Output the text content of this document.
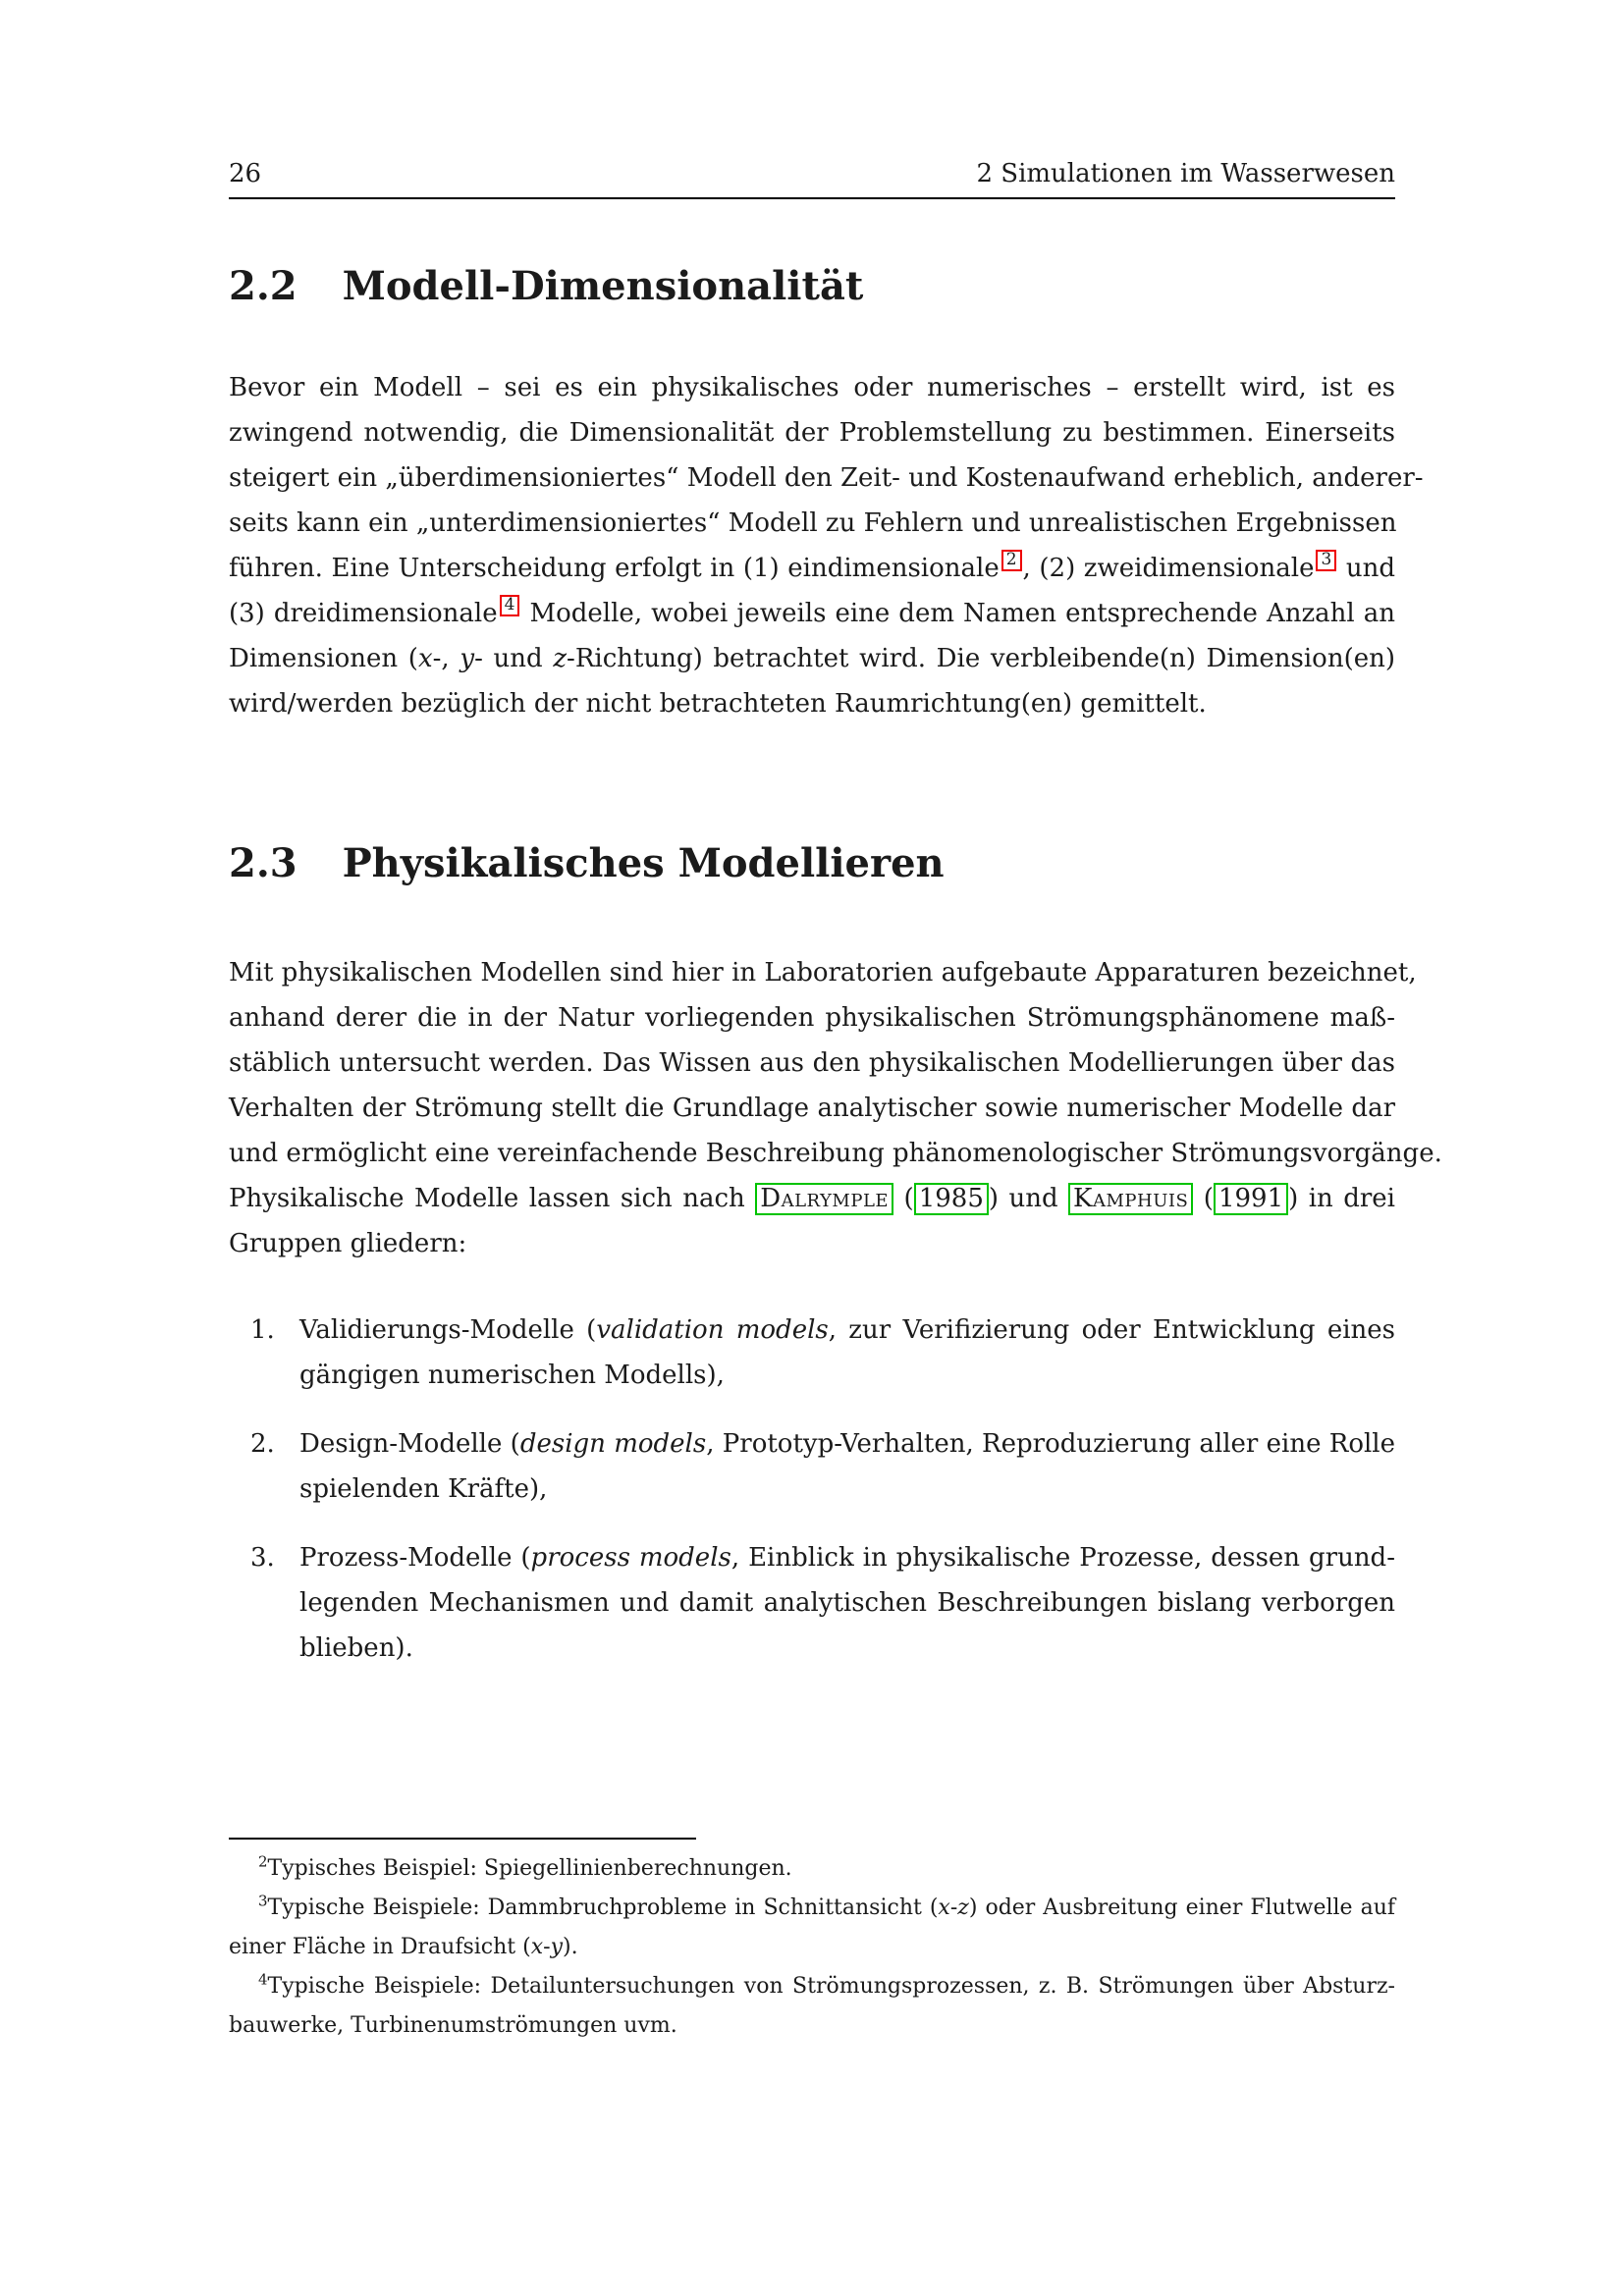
26	2 Simulationen im Wasserwesen
2.2 Modell-Dimensionalität
Bevor ein Modell – sei es ein physikalisches oder numerisches – erstellt wird, ist es
zwingend notwendig, die Dimensionalität der Problemstellung zu bestimmen. Einerseits
steigert ein „überdimensioniertes“ Modell den Zeit- und Kostenaufwand erheblich, anderer-
seits kann ein „unterdimensioniertes“ Modell zu Fehlern und unrealistischen Ergebnissen
führen. Eine Unterscheidung erfolgt in (1) eindimensionale 2 , (2) zweidimensionale 3 und
(3) dreidimensionale 4 Modelle, wobei jeweils eine dem Namen entsprechende Anzahl an
Dimensionen (x-, y- und z-Richtung) betrachtet wird. Die verbleibende(n) Dimension(en)
wird/werden bezüglich der nicht betrachteten Raumrichtung(en) gemittelt.
2.3 Physikalisches Modellieren
Mit physikalischen Modellen sind hier in Laboratorien aufgebaute Apparaturen bezeichnet,
anhand derer die in der Natur vorliegenden physikalischen Strömungsphänomene maß-
stäblich untersucht werden. Das Wissen aus den physikalischen Modellierungen über das
Verhalten der Strömung stellt die Grundlage analytischer sowie numerischer Modelle dar
und ermöglicht eine vereinfachende Beschreibung phänomenologischer Strömungsvorgänge.
Physikalische Modelle lassen sich nach Dalrymple ( 1985 ) und Kamphuis ( 1991 ) in drei
Gruppen gliedern:
1. Validierungs-Modelle (validation models, zur Verifizierung oder Entwicklung eines
gängigen numerischen Modells),
2. Design-Modelle (design models, Prototyp-Verhalten, Reproduzierung aller eine Rolle
spielenden Kräfte),
3. Prozess-Modelle (process models, Einblick in physikalische Prozesse, dessen grund-
legenden Mechanismen und damit analytischen Beschreibungen bislang verborgen
blieben).
$^2$Typisches Beispiel: Spiegellinienberechnungen.
$^3$Typische Beispiele: Dammbruchprobleme in Schnittansicht (x-z) oder Ausbreitung einer Flutwelle auf
einer Fläche in Draufsicht (x-y).
$^4$Typische Beispiele: Detailuntersuchungen von Strömungsprozessen, z. B. Strömungen über Absturz-
bauwerke, Turbinenumströmungen uvm.
